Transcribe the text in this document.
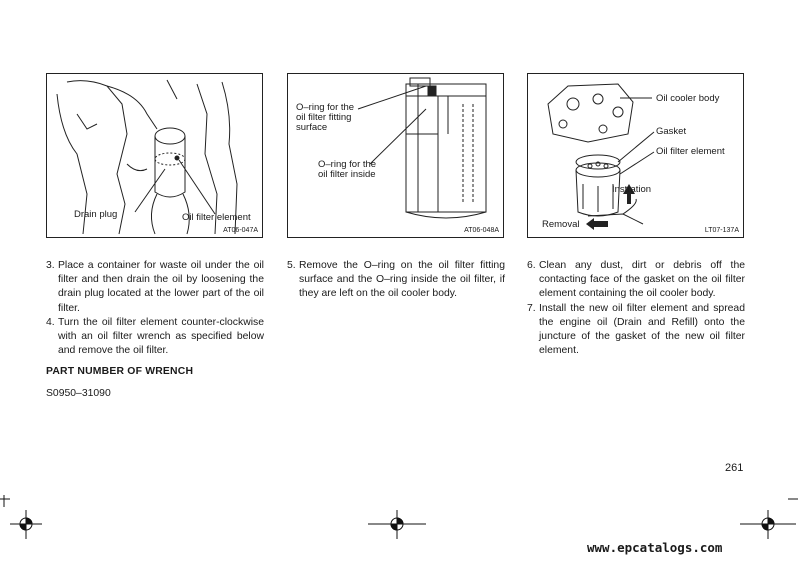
Drain plug	Oil filter element
AT06-047A
O–ring for the
oil filter fitting
surface
O–ring for the
oil filter inside
AT06-048A
Oil cooler body
Gasket
Oil filter element
Instration
Removal
LT07-137A
3. Place a container for waste oil under the oil filter and then drain the oil by loosening the drain plug located at the lower part of the oil filter.
4. Turn the oil filter element counter-clockwise with an oil filter wrench as specified below and remove the oil filter.
PART NUMBER OF WRENCH
S0950–31090
5. Remove the O–ring on the oil filter fitting surface and the O–ring inside the oil filter, if they are left on the oil cooler body.
6. Clean any dust, dirt or debris off the contacting face of the gasket on the oil filter element containing the oil cooler body.
7. Install the new oil filter element and spread the engine oil (Drain and Refill) onto the juncture of the gasket of the new oil filter element.
261
www.epcatalogs.com
